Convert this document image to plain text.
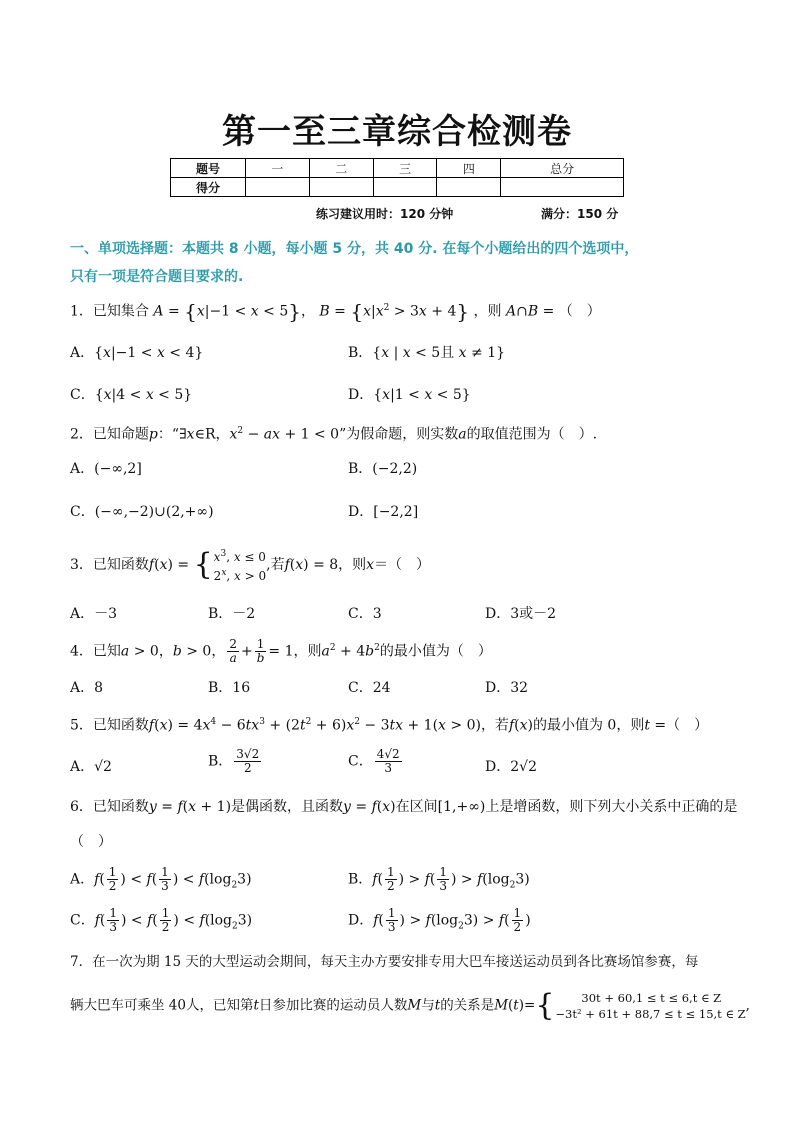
第一至三章综合检测卷
题号	一	二	三	四	总分
得分					
练习建议用时：120 分钟	满分：150 分
一、单项选择题：本题共 8 小题，每小题 5 分，共 40 分. 在每个小题给出的四个选项中，
只有一项是符合题目要求的.
1．已知集合 A = {x|−1 < x < 5}， $B = \{x|x^2 > 3x + 4\}$ ，则 A∩B = （　）
A．{x|−1 < x < 4}	B．{x | x < 5且 x ≠ 1}
C．{x|4 < x < 5}	D．{x|1 < x < 5}
2．已知命题p：“∃x∈R，$x^2$ − ax + 1 < 0”为假命题，则实数a的取值范围为（　）.
A．(−∞,2]	B．(−2,2)
C．(−∞,−2)∪(2,+∞)	D．[−2,2]
3．已知函数f(x) = { $x^3$, x ≤ 0
2$^x$, x > 0
,若f(x) = 8，则x＝（　）
A．－3	B．－2	C．3	D．3或－2
4．已知a > 0，b > 0， $\frac{2}{a} + \frac{1}{b} = 1$，则$a^2 + 4b^2$的最小值为（　）
A．8	B．16	C．24	D．32
5．已知函数$f(x) = 4x^4 - 6tx^3 + (2t^2 + 6)x^2 - 3tx + 1(x > 0)$，若f(x)的最小值为 0，则t =（　）
A．√2	B． $\frac{3√2}{2}$	C． $\frac{4√2}{3}$	D．2√2
6．已知函数y = f(x + 1)是偶函数，且函数y = f(x)在区间[1,+∞)上是增函数，则下列大小关系中正确的是
（　）
A．$f( \frac{1}{2}$ ) < $f( \frac{1}{3}$ ) < $f(\log_23)$	B．$f( \frac{1}{2}$ ) > $f( \frac{1}{3}$ ) > $f(\log_23)$
C．$f( \frac{1}{3}$ ) < $f( \frac{1}{2}$ ) < $f(\log_23)$	D．$f( \frac{1}{3}$ ) > $f(\log_23) > f( \frac{1}{2}$ )
7．在一次为期 15 天的大型运动会期间，每天主办方要安排专用大巴车接送运动员到各比赛场馆参赛，每
辆大巴车可乘坐 40人，已知第t日参加比赛的运动员人数M与t的关系是M(t)={	30t + 60,1 ≤ t ≤ 6,t ∈ Z
−3t² + 61t + 88,7 ≤ t ≤ 15,t ∈ Z
,
